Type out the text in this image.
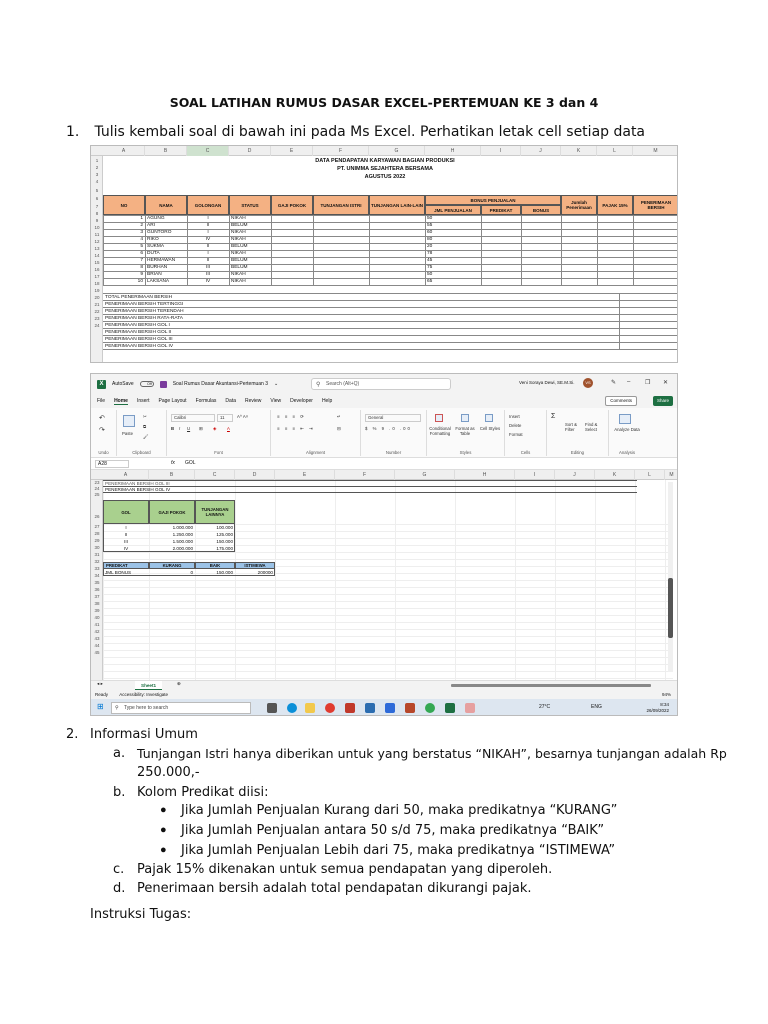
SOAL LATIHAN RUMUS DASAR EXCEL-PERTEMUAN KE 3 dan 4
1. Tulis kembali soal di bawah ini pada Ms Excel. Perhatikan letak cell setiap data
A	B	C	D	E	F	G	H	I	J	K	L	M
1
2
3
4
5
6
7
8
9
10
11
12
13
14
15
16
17
18
19
20
21
22
23
24
DATA PENDAPATAN KARYAWAN BAGIAN PRODUKSI
PT. UNIMMA SEJAHTERA BERSAMA
AGUSTUS 2022
NO	NAMA	GOLONGAN	STATUS	GAJI POKOK	TUNJANGAN ISTRI	TUNJANGAN LAIN-LAIN
BONUS PENJUALAN
JML PENJUALAN	PREDIKAT	BONUS
Jumlah Penerimaan	PAJAK 15%	PENERIMAAN BERSIH
1 AGUNG	I	NIKAH	50
2 ARI	II	BELUM	55
3 GUNTORO	I	NIKAH	60
4 RIKO	IV	NIKAH	80
5 SUKMA	II	BELUM	20
6 DUTA	I	NIKAH	78
7 HERMAWAN	II	BELUM	45
8 BURHAN	III	BELUM	75
9 BRIAN	III	NIKAH	50
10 LAKSANA	IV	NIKAH	65
TOTAL PENERIMAAN BERSIH
PENERIMAAN BERSIH TERTINGGI
PENERIMAAN BERSIH TERENDAH
PENERIMAAN BERSIH RATA-RATA
PENERIMAAN BERSIH GOL I
PENERIMAAN BERSIH GOL II
PENERIMAAN BERSIH GOL III
PENERIMAAN BERSIH GOL IV
X	AutoSave	Off	Soal Rumus Dasar Akuntansi-Pertemuan 3 ⌄	⚲ Search (Alt+Q)	Veni Soraya Dewi, SE.M.Si.	VS	✎ – ❐ ✕
File Home Insert Page Layout Formulas Data Review View Developer Help	Comments	Share
↶
↷
Undo
Paste
✂
⧉
🖌
Clipboard
Calibri	11	A^ A˅
B I U ⊞ ◈ A
Font
≡ ≡ ≡ ⟳
≡ ≡ ≡ ⇤ ⇥
↵
⊟
Alignment
General
$ % 9 .0 .00
Number
Conditional Formatting
Format as Table
Cell Styles
Styles
Insert
Delete
Format
Cells
Σ
Sort & Filter
Find & Select
Editing
Analyze Data
Analysis
A28	fx GOL
A	B	C	D	E	F	G	H	I	J	K	L	M
23
24
25
26
27
28
29
30
31
32
33
34
35
36
37
38
39
40
41
42
43
44
45
PENERIMAAN BERSIH GOL III
PENERIMAAN BERSIH GOL IV
GOL	GAJI POKOK	TUNJANGAN LAINNYA
I	1.000.000	100.000
II	1.250.000	125.000
III	1.500.000	150.000
IV	2.000.000	175.000
PREDIKAT	KURANG	BAIK	ISTIMEWA
JML BONUS	0	150.000	200000
◂ ▸	Sheet1	⊕
Ready	Accessibility: Investigate	94%
⊞ ⚲ Type here to search	27°C	ENG	8:34
26/09/2022
2. Informasi Umum
a. Tunjangan Istri hanya diberikan untuk yang berstatus “NIKAH”, besarnya tunjangan adalah Rp
250.000,-
b. Kolom Predikat diisi:
● Jika Jumlah Penjualan Kurang dari 50, maka predikatnya “KURANG”
● Jika Jumlah Penjualan antara 50 s/d 75, maka predikatnya “BAIK”
● Jika Jumlah Penjualan Lebih dari 75, maka predikatnya “ISTIMEWA”
c. Pajak 15% dikenakan untuk semua pendapatan yang diperoleh.
d. Penerimaan bersih adalah total pendapatan dikurangi pajak.
Instruksi Tugas:
